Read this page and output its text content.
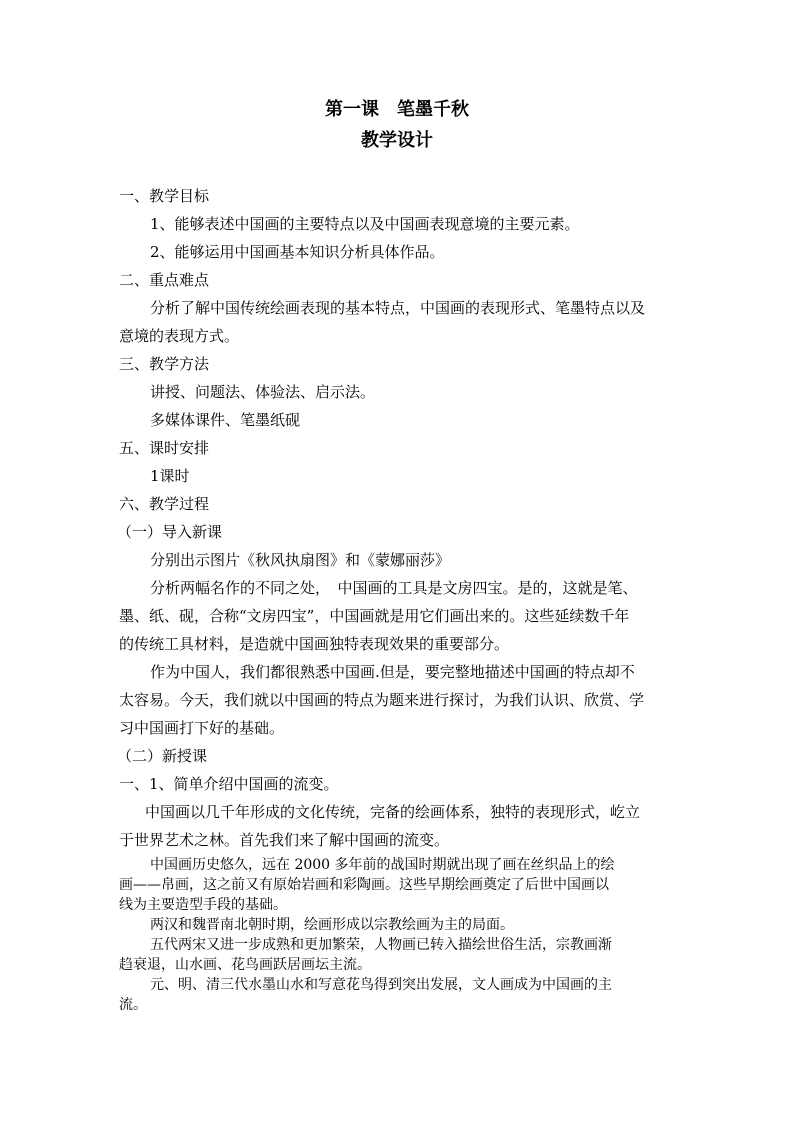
第一课　笔墨千秋
教学设计
一、教学目标
1、能够表述中国画的主要特点以及中国画表现意境的主要元素。
2、能够运用中国画基本知识分析具体作品。
二、重点难点
分析了解中国传统绘画表现的基本特点，中国画的表现形式、笔墨特点以及
意境的表现方式。
三、教学方法
讲授、问题法、体验法、启示法。
多媒体课件、笔墨纸砚
五、课时安排
1课时
六、教学过程
（一）导入新课
分别出示图片《秋风执扇图》和《蒙娜丽莎》
分析两幅名作的不同之处，　中国画的工具是文房四宝。是的，这就是笔、
墨、纸、砚，合称“文房四宝”，中国画就是用它们画出来的。这些延续数千年
的传统工具材料，是造就中国画独特表现效果的重要部分。
作为中国人，我们都很熟悉中国画.但是，要完整地描述中国画的特点却不
太容易。今天，我们就以中国画的特点为题来进行探讨，为我们认识、欣赏、学
习中国画打下好的基础。
（二）新授课
一、1、简单介绍中国画的流变。
中国画以几千年形成的文化传统，完备的绘画体系，独特的表现形式，屹立
于世界艺术之林。首先我们来了解中国画的流变。
中国画历史悠久，远在 2000 多年前的战国时期就出现了画在丝织品上的绘
画——帛画，这之前又有原始岩画和彩陶画。这些早期绘画奠定了后世中国画以
线为主要造型手段的基础。
两汉和魏晋南北朝时期，绘画形成以宗教绘画为主的局面。
五代两宋又进一步成熟和更加繁荣，人物画已转入描绘世俗生活，宗教画渐
趋衰退，山水画、花鸟画跃居画坛主流。
元、明、清三代水墨山水和写意花鸟得到突出发展，文人画成为中国画的主
流。
